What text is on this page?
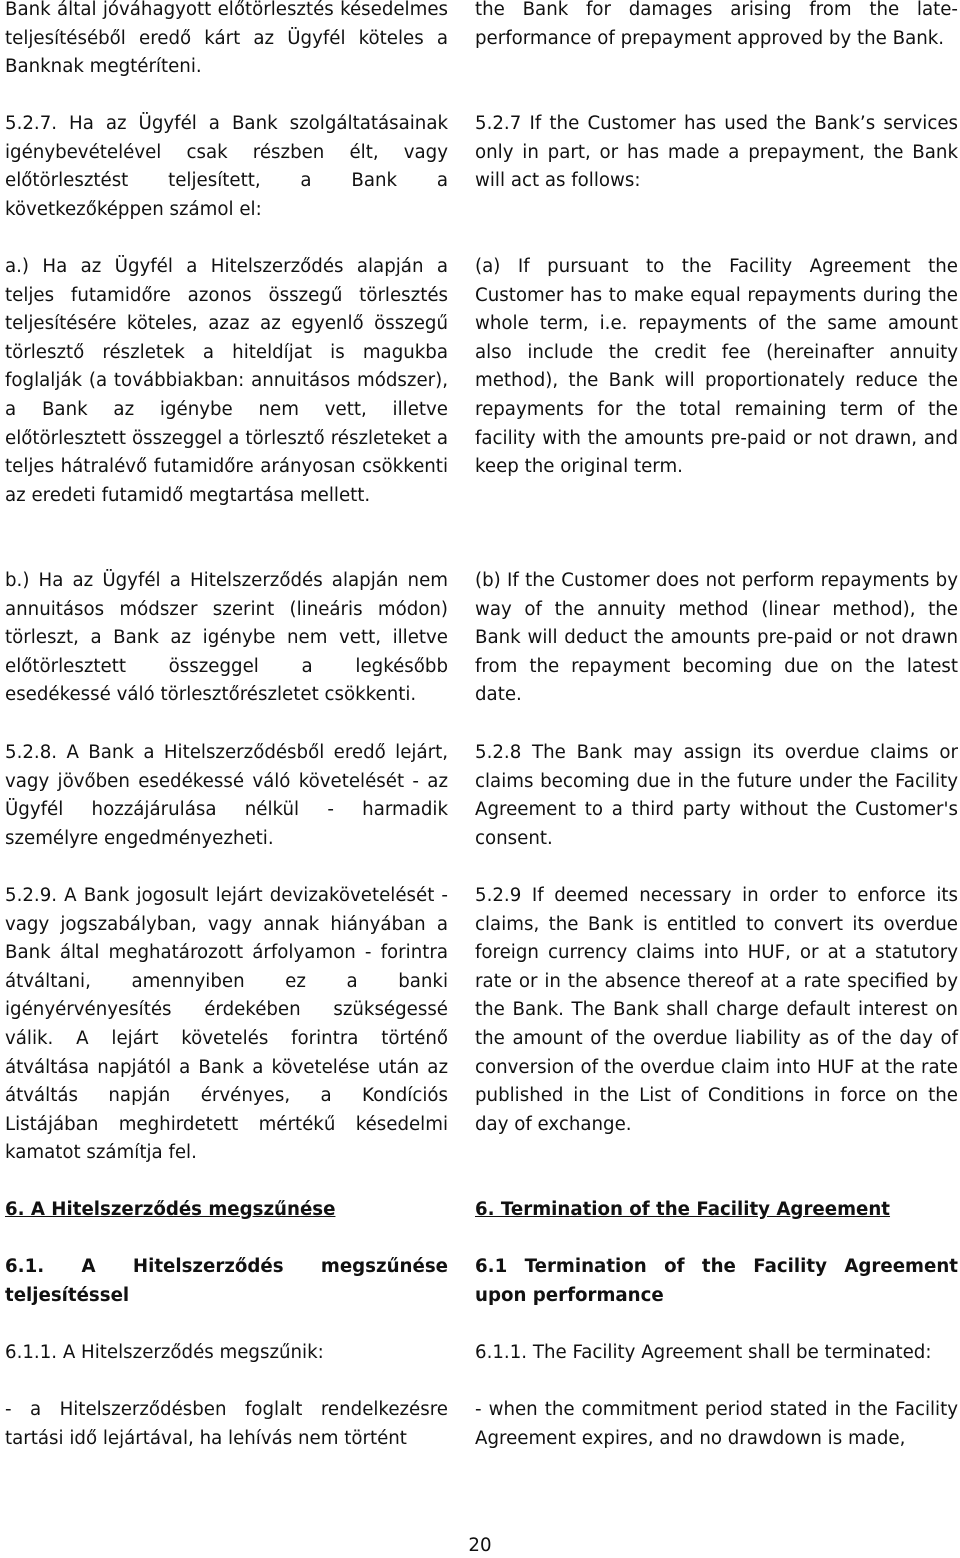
Bank által jóváhagyott előtörlesztés késedelmes teljesítéséből eredő kárt az Ügyfél köteles a Banknak megtéríteni.
the Bank for damages arising from the late-performance of prepayment approved by the Bank.
5.2.7. Ha az Ügyfél a Bank szolgáltatásainak igénybevételével csak részben élt, vagy előtörlesztést teljesített, a Bank a következőképpen számol el:
5.2.7 If the Customer has used the Bank’s services only in part, or has made a prepayment, the Bank will act as follows:
a.) Ha az Ügyfél a Hitelszerződés alapján a teljes futamidőre azonos összegű törlesztés teljesítésére köteles, azaz az egyenlő összegű törlesztő részletek a hiteldíjat is magukba foglalják (a továbbiakban: annuitásos módszer), a Bank az igénybe nem vett, illetve előtörlesztett összeggel a törlesztő részleteket a teljes hátralévő futamidőre arányosan csökkenti az eredeti futamidő megtartása mellett.
(a) If pursuant to the Facility Agreement the Customer has to make equal repayments during the whole term, i.e. repayments of the same amount also include the credit fee (hereinafter annuity method), the Bank will proportionately reduce the repayments for the total remaining term of the facility with the amounts pre-paid or not drawn, and keep the original term.
b.) Ha az Ügyfél a Hitelszerződés alapján nem annuitásos módszer szerint (lineáris módon) törleszt, a Bank az igénybe nem vett, illetve előtörlesztett összeggel a legkésőbb esedékessé váló törlesztőrészletet csökkenti.
(b) If the Customer does not perform repayments by way of the annuity method (linear method), the Bank will deduct the amounts pre-paid or not drawn from the repayment becoming due on the latest date.
5.2.8. A Bank a Hitelszerződésből eredő lejárt, vagy jövőben esedékessé váló követelését - az Ügyfél hozzájárulása nélkül - harmadik személyre engedményezheti.
5.2.8 The Bank may assign its overdue claims or claims becoming due in the future under the Facility Agreement to a third party without the Customer's consent.
5.2.9. A Bank jogosult lejárt devizakövetelését - vagy jogszabályban, vagy annak hiányában a Bank által meghatározott árfolyamon - forintra átváltani, amennyiben ez a banki igényérvényesítés érdekében szükségessé válik. A lejárt követelés forintra történő átváltása napjától a Bank a követelése után az átváltás napján érvényes, a Kondíciós Listájában meghirdetett mértékű késedelmi kamatot számítja fel.
5.2.9 If deemed necessary in order to enforce its claims, the Bank is entitled to convert its overdue foreign currency claims into HUF, or at a statutory rate or in the absence thereof at a rate specified by the Bank. The Bank shall charge default interest on the amount of the overdue liability as of the day of conversion of the overdue claim into HUF at the rate published in the List of Conditions in force on the day of exchange.
6. A Hitelszerződés megszűnése	6. Termination of the Facility Agreement
6.1. A Hitelszerződés megszűnése teljesítéssel
6.1 Termination of the Facility Agreement upon performance
6.1.1. A Hitelszerződés megszűnik:	6.1.1. The Facility Agreement shall be terminated:
- a Hitelszerződésben foglalt rendelkezésre tartási idő lejártával, ha lehívás nem történt
- when the commitment period stated in the Facility Agreement expires, and no drawdown is made,
20
